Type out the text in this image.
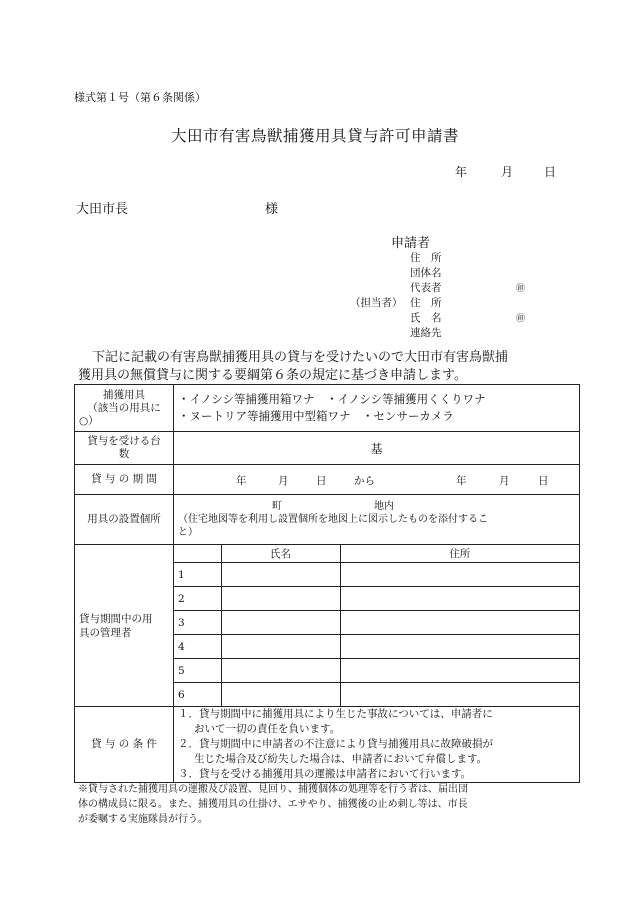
様式第１号（第６条関係）
大田市有害鳥獣捕獲用具貸与許可申請書
年	月	日
大田市長	様
申請者
住　所
団体名
代表者	㊞
（担当者） 住　所
氏　名	㊞
連絡先
下記に記載の有害鳥獣捕獲用具の貸与を受けたいので大田市有害鳥獣捕
獲用具の無償貸与に関する要綱第６条の規定に基づき申請します。
捕獲用具
（該当の用具に
○）

・イノシシ等捕獲用箱ワナ　 ・イノシシ等捕獲用くくりワナ
・ヌートリア等捕獲用中型箱ワナ　 ・センサーカメラ

貸与を受ける台
数	基
貸 与 の 期 間	年	月	日	から	年	月	日

用具の設置個所	
町	地内
（住宅地図等を利用し設置個所を地図上に図示したものを添付するこ
と）

貸与期間中の用
具の管理者

	氏名	住所
1		
2		
3		
4		
5		
6		

貸 与 の 条 件	
１．貸与期間中に捕獲用具により生じた事故については、申請者に
おいて一切の責任を負います。
２．貸与期間中に申請者の不注意により貸与捕獲用具に故障破損が
生じた場合及び紛失した場合は、申請者において弁償します。
３．貸与を受ける捕獲用具の運搬は申請者において行います。
※貸与された捕獲用具の運搬及び設置、見回り、捕獲個体の処理等を行う者は、届出団
体の構成員に限る。また、捕獲用具の仕掛け、エサやり、捕獲後の止め刺し等は、市長
が委嘱する実施隊員が行う。
